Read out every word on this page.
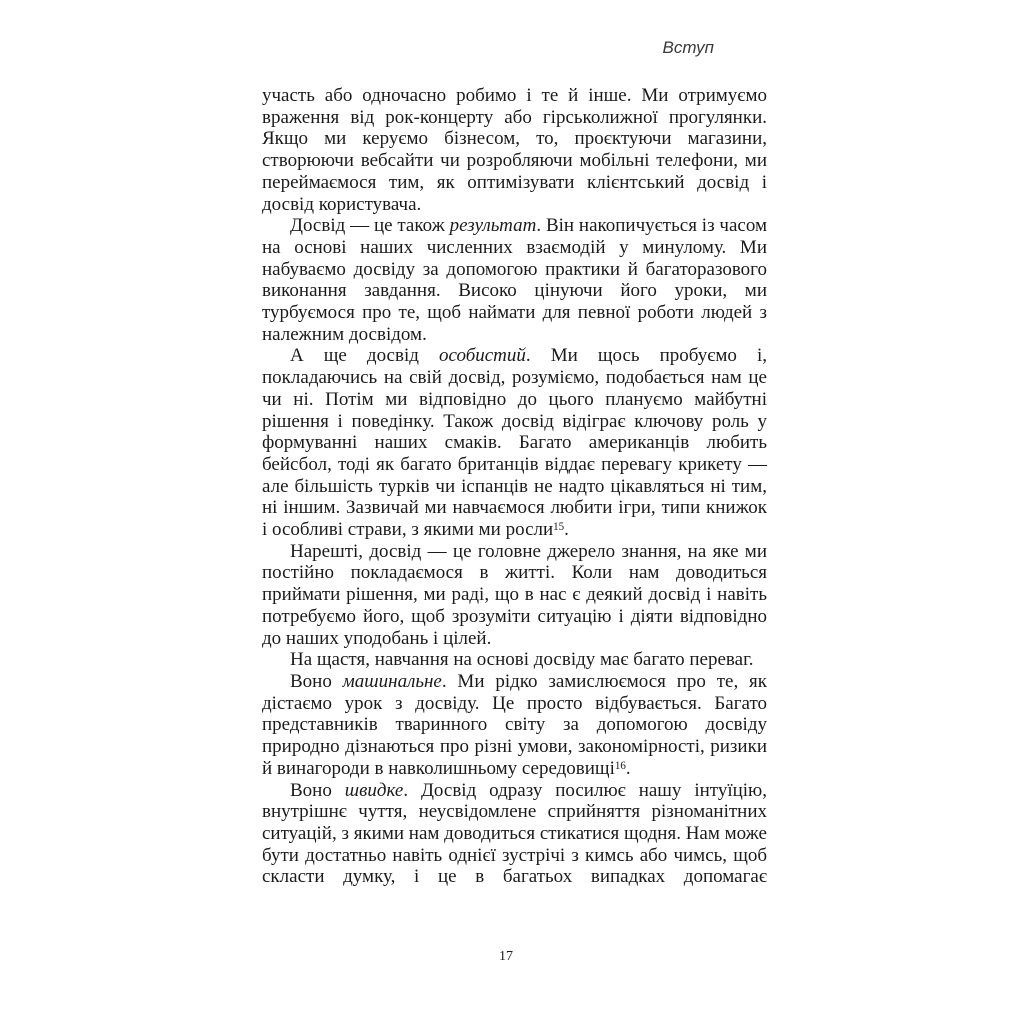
Вступ

участь або одночасно робимо і те й інше. Ми отримуємо враження від рок-концерту або гірськолижної прогулянки. Якщо ми керуємо бізнесом, то, проєктуючи магазини, створюючи вебсайти чи розробляючи мобільні телефони, ми переймаємося тим, як оптимізувати клієнтський досвід і досвід користувача.

Досвід — це також результат. Він накопичується із часом на основі наших численних взаємодій у минулому. Ми набуваємо досвіду за допомогою практики й багаторазового виконання завдання. Високо цінуючи його уроки, ми турбуємося про те, щоб наймати для певної роботи людей з належним досвідом.

А ще досвід особистий. Ми щось пробуємо і, покладаючись на свій досвід, розуміємо, подобається нам це чи ні. Потім ми відповідно до цього плануємо майбутні рішення і поведінку. Також досвід відіграє ключову роль у формуванні наших смаків. Багато американців любить бейсбол, тоді як багато британців віддає перевагу крикету — але більшість турків чи іспанців не надто цікавляться ні тим, ні іншим. Зазвичай ми навчаємося любити ігри, типи книжок і особливі страви, з якими ми росли$^{15}$.

Нарешті, досвід — це головне джерело знання, на яке ми постійно покладаємося в житті. Коли нам доводиться приймати рішення, ми раді, що в нас є деякий досвід і навіть потребуємо його, щоб зрозуміти ситуацію і діяти відповідно до наших уподобань і цілей.

На щастя, навчання на основі досвіду має багато переваг.

Воно машинальне. Ми рідко замислюємося про те, як дістаємо урок з досвіду. Це просто відбувається. Багато представників тваринного світу за допомогою досвіду природно дізнаються про різні умови, закономірності, ризики й винагороди в навколишньому середовищі$^{16}$.

Воно швидке. Досвід одразу посилює нашу інтуїцію, внутрішнє чуття, неусвідомлене сприйняття різноманітних ситуацій, з якими нам доводиться стикатися щодня. Нам може бути достатньо навіть однієї зустрічі з кимсь або чимсь, щоб скласти думку, і це в багатьох випадках допомагає

17
